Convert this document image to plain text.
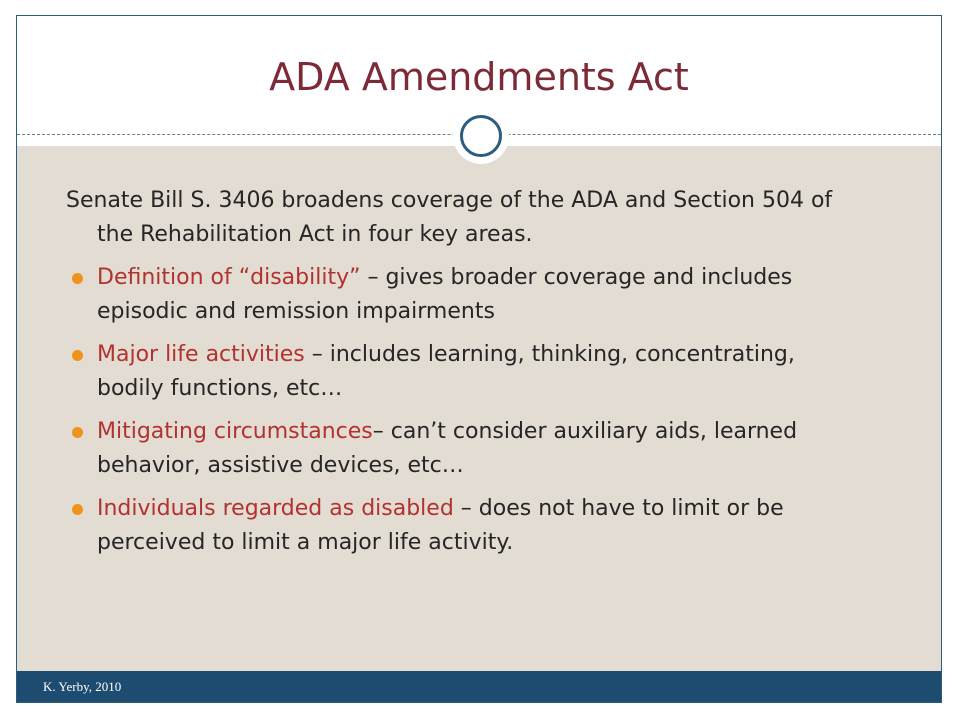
ADA Amendments Act
K. Yerby, 2010

Senate Bill S. 3406 broadens coverage of the ADA and Section 504 of the Rehabilitation Act in four key areas.

Definition of “disability” – gives broader coverage and includes episodic and remission impairments

Major life activities – includes learning, thinking, concentrating, bodily functions, etc…

Mitigating circumstances– can’t consider auxiliary aids, learned behavior, assistive devices, etc…

Individuals regarded as disabled – does not have to limit or be perceived to limit a major life activity.
